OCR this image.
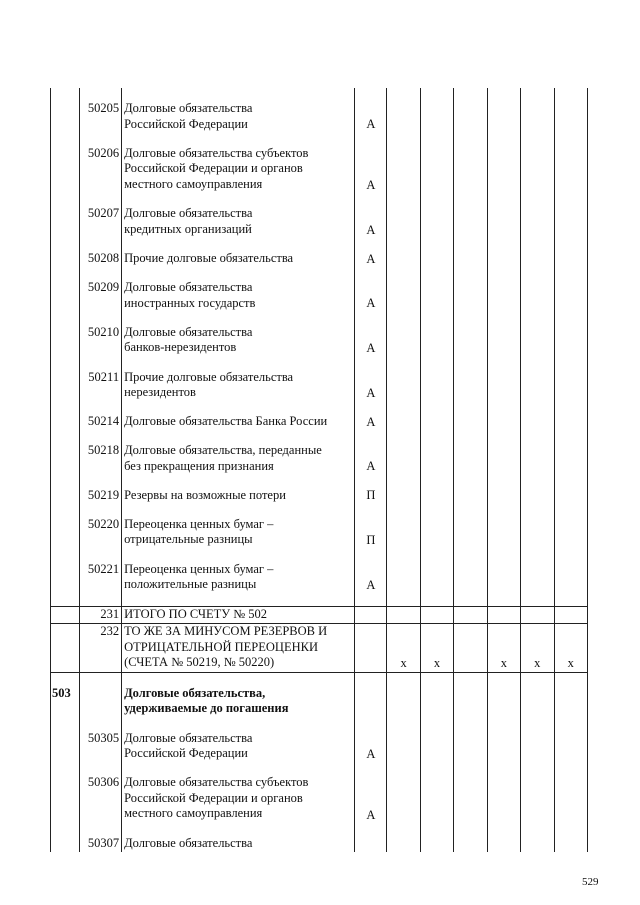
	50205	Долговые обязательства
Российской Федерации	А						

	50206	Долговые обязательства субъектов
Российской Федерации и органов
местного самоуправления	А						

	50207	Долговые обязательства
кредитных организаций	А						

	50208	Прочие долговые обязательства	А						

	50209	Долговые обязательства
иностранных государств	А						

	50210	Долговые обязательства
банков-нерезидентов	А						

	50211	Прочие долговые обязательства
нерезидентов	А						

	50214	Долговые обязательства Банка России	А						

	50218	Долговые обязательства, переданные
без прекращения признания	А						

	50219	Резервы на возможные потери	П						

	50220	Переоценка ценных бумаг –
отрицательные разницы	П						

	50221	Переоценка ценных бумаг –
положительные разницы	А						

	231	ИТОГО ПО СЧЕТУ № 502							
	232	ТО ЖЕ ЗА МИНУСОМ РЕЗЕРВОВ И
ОТРИЦАТЕЛЬНОЙ ПЕРЕОЦЕНКИ
(СЧЕТА № 50219, № 50220)		х	х		х	х	х

503		Долговые обязательства,
удерживаемые до погашения							

	50305	Долговые обязательства
Российской Федерации	А						

	50306	Долговые обязательства субъектов
Российской Федерации и органов
местного самоуправления	А						

	50307	Долговые обязательства							

529
